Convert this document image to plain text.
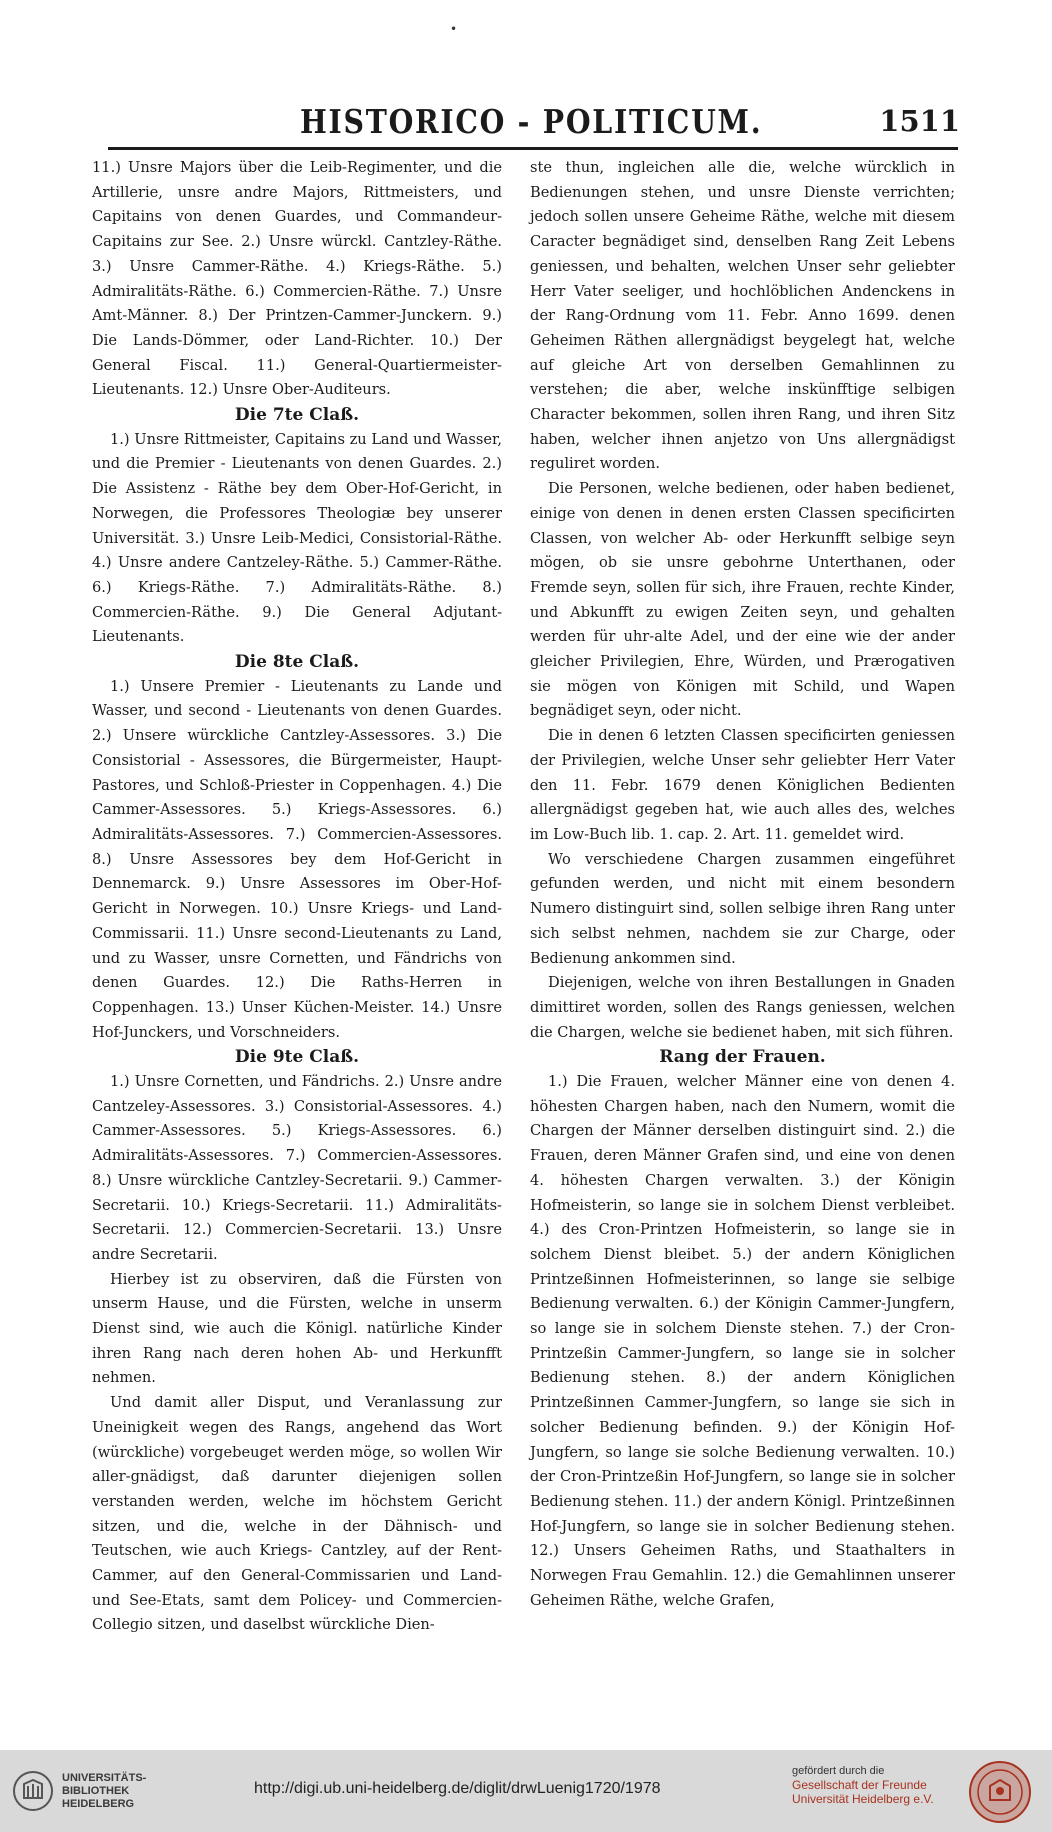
•
HISTORICO - POLITICUM.	1511

11.) Unsre Majors über die Leib-Regimenter, und die Artillerie, unsre andre Majors, Rittmeisters, und Capitains von denen Guardes, und Commandeur-Capitains zur See. 2.) Unsre würckl. Cantzley-Räthe. 3.) Unsre Cammer-Räthe. 4.) Kriegs-Räthe. 5.) Admiralitäts-Räthe. 6.) Commercien-Räthe. 7.) Unsre Amt-Männer. 8.) Der Printzen-Cammer-Junckern. 9.) Die Lands-Dömmer, oder Land-Richter. 10.) Der General Fiscal. 11.) General-Quartiermeister-Lieutenants. 12.) Unsre Ober-Auditeurs.

Die 7te Claß.

1.) Unsre Rittmeister, Capitains zu Land und Wasser, und die Premier - Lieutenants von denen Guardes. 2.) Die Assistenz - Räthe bey dem Ober-Hof-Gericht, in Norwegen, die Professores Theologiæ bey unserer Universität. 3.) Unsre Leib-Medici, Consistorial-Räthe. 4.) Unsre andere Cantzeley-Räthe. 5.) Cammer-Räthe. 6.) Kriegs-Räthe. 7.) Admiralitäts-Räthe. 8.) Commercien-Räthe. 9.) Die General Adjutant-Lieutenants.

Die 8te Claß.

1.) Unsere Premier - Lieutenants zu Lande und Wasser, und second - Lieutenants von denen Guardes. 2.) Unsere würckliche Cantzley-Assessores. 3.) Die Consistorial - Assessores, die Bürgermeister, Haupt-Pastores, und Schloß-Priester in Coppenhagen. 4.) Die Cammer-Assessores. 5.) Kriegs-Assessores. 6.) Admiralitäts-Assessores. 7.) Commercien-Assessores. 8.) Unsre Assessores bey dem Hof-Gericht in Dennemarck. 9.) Unsre Assessores im Ober-Hof-Gericht in Norwegen. 10.) Unsre Kriegs- und Land-Commissarii. 11.) Unsre second-Lieutenants zu Land, und zu Wasser, unsre Cornetten, und Fändrichs von denen Guardes. 12.) Die Raths-Herren in Coppenhagen. 13.) Unser Küchen-Meister. 14.) Unsre Hof-Junckers, und Vorschneiders.

Die 9te Claß.

1.) Unsre Cornetten, und Fändrichs. 2.) Unsre andre Cantzeley-Assessores. 3.) Consistorial-Assessores. 4.) Cammer-Assessores. 5.) Kriegs-Assessores. 6.) Admiralitäts-Assessores. 7.) Commercien-Assessores. 8.) Unsre würckliche Cantzley-Secretarii. 9.) Cammer-Secretarii. 10.) Kriegs-Secretarii. 11.) Admiralitäts-Secretarii. 12.) Commercien-Secretarii. 13.) Unsre andre Secretarii.

Hierbey ist zu observiren, daß die Fürsten von unserm Hause, und die Fürsten, welche in unserm Dienst sind, wie auch die Königl. natürliche Kinder ihren Rang nach deren hohen Ab- und Herkunfft nehmen.

Und damit aller Disput, und Veranlassung zur Uneinigkeit wegen des Rangs, angehend das Wort (würckliche) vorgebeuget werden möge, so wollen Wir aller-gnädigst, daß darunter diejenigen sollen verstanden werden, welche im höchstem Gericht sitzen, und die, welche in der Dähnisch- und Teutschen, wie auch Kriegs- Cantzley, auf der Rent-Cammer, auf den General-Commissarien und Land- und See-Etats, samt dem Policey- und Commercien-Collegio sitzen, und daselbst würckliche Dien-

ste thun, ingleichen alle die, welche würcklich in Bedienungen stehen, und unsre Dienste verrichten; jedoch sollen unsere Geheime Räthe, welche mit diesem Caracter begnädiget sind, denselben Rang Zeit Lebens geniessen, und behalten, welchen Unser sehr geliebter Herr Vater seeliger, und hochlöblichen Andenckens in der Rang-Ordnung vom 11. Febr. Anno 1699. denen Geheimen Räthen allergnädigst beygelegt hat, welche auf gleiche Art von derselben Gemahlinnen zu verstehen; die aber, welche inskünfftige selbigen Character bekommen, sollen ihren Rang, und ihren Sitz haben, welcher ihnen anjetzo von Uns allergnädigst reguliret worden.

Die Personen, welche bedienen, oder haben bedienet, einige von denen in denen ersten Classen specificirten Classen, von welcher Ab- oder Herkunfft selbige seyn mögen, ob sie unsre gebohrne Unterthanen, oder Fremde seyn, sollen für sich, ihre Frauen, rechte Kinder, und Abkunfft zu ewigen Zeiten seyn, und gehalten werden für uhr-alte Adel, und der eine wie der ander gleicher Privilegien, Ehre, Würden, und Prærogativen sie mögen von Königen mit Schild, und Wapen begnädiget seyn, oder nicht.

Die in denen 6 letzten Classen specificirten geniessen der Privilegien, welche Unser sehr geliebter Herr Vater den 11. Febr. 1679 denen Königlichen Bedienten allergnädigst gegeben hat, wie auch alles des, welches im Low-Buch lib. 1. cap. 2. Art. 11. gemeldet wird.

Wo verschiedene Chargen zusammen eingeführet gefunden werden, und nicht mit einem besondern Numero distinguirt sind, sollen selbige ihren Rang unter sich selbst nehmen, nachdem sie zur Charge, oder Bedienung ankommen sind.

Diejenigen, welche von ihren Bestallungen in Gnaden dimittiret worden, sollen des Rangs geniessen, welchen die Chargen, welche sie bedienet haben, mit sich führen.

Rang der Frauen.

1.) Die Frauen, welcher Männer eine von denen 4. höhesten Chargen haben, nach den Numern, womit die Chargen der Männer derselben distinguirt sind. 2.) die Frauen, deren Männer Grafen sind, und eine von denen 4. höhesten Chargen verwalten. 3.) der Königin Hofmeisterin, so lange sie in solchem Dienst verbleibet. 4.) des Cron-Printzen Hofmeisterin, so lange sie in solchem Dienst bleibet. 5.) der andern Königlichen Printzeßinnen Hofmeisterinnen, so lange sie selbige Bedienung verwalten. 6.) der Königin Cammer-Jungfern, so lange sie in solchem Dienste stehen. 7.) der Cron-Printzeßin Cammer-Jungfern, so lange sie in solcher Bedienung stehen. 8.) der andern Königlichen Printzeßinnen Cammer-Jungfern, so lange sie sich in solcher Bedienung befinden. 9.) der Königin Hof-Jungfern, so lange sie solche Bedienung verwalten. 10.) der Cron-Printzeßin Hof-Jungfern, so lange sie in solcher Bedienung stehen. 11.) der andern Königl. Printzeßinnen Hof-Jungfern, so lange sie in solcher Bedienung stehen. 12.) Unsers Geheimen Raths, und Staathalters in Norwegen Frau Gemahlin. 12.) die Gemahlinnen unserer Geheimen Räthe, welche Grafen,

UNIVERSITÄTS-
BIBLIOTHEK
HEIDELBERG
http://digi.ub.uni-heidelberg.de/diglit/drwLuenig1720/1978
gefördert durch die
Gesellschaft der Freunde
Universität Heidelberg e.V.
